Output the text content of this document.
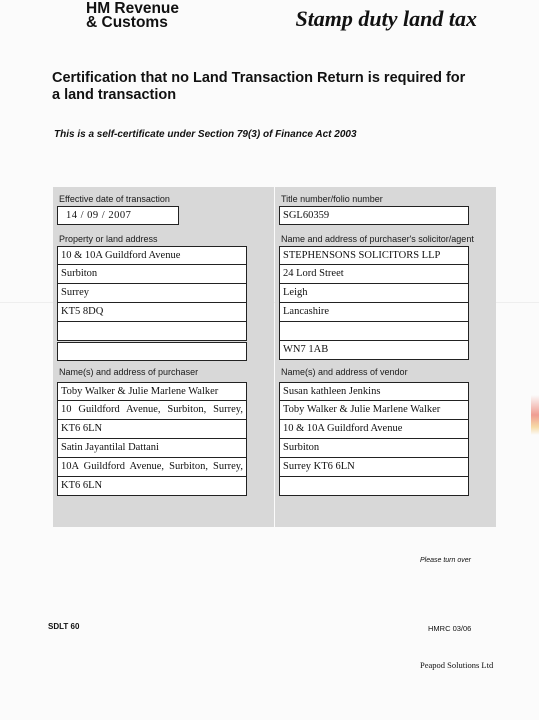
HM Revenue
& Customs	Stamp duty land tax
Certification that no Land Transaction Return is required for
a land transaction
This is a self-certificate under Section 79(3) of Finance Act 2003
Effective date of transaction
14 / 09 / 2007
Property or land address
10 & 10A Guildford Avenue
Surbiton
Surrey
KT5 8DQ
Name(s) and address of purchaser
Toby Walker & Julie Marlene Walker
10 Guildford Avenue, Surbiton, Surrey,
KT6 6LN
Satin Jayantilal Dattani
10A Guildford Avenue, Surbiton, Surrey,
KT6 6LN
Title number/folio number
SGL60359
Name and address of purchaser's solicitor/agent
STEPHENSONS SOLICITORS LLP
24 Lord Street
Leigh
Lancashire
WN7 1AB
Name(s) and address of vendor
Susan kathleen Jenkins
Toby Walker & Julie Marlene Walker
10 & 10A Guildford Avenue
Surbiton
Surrey KT6 6LN
Please turn over
SDLT 60	HMRC 03/06
Peapod Solutions Ltd
